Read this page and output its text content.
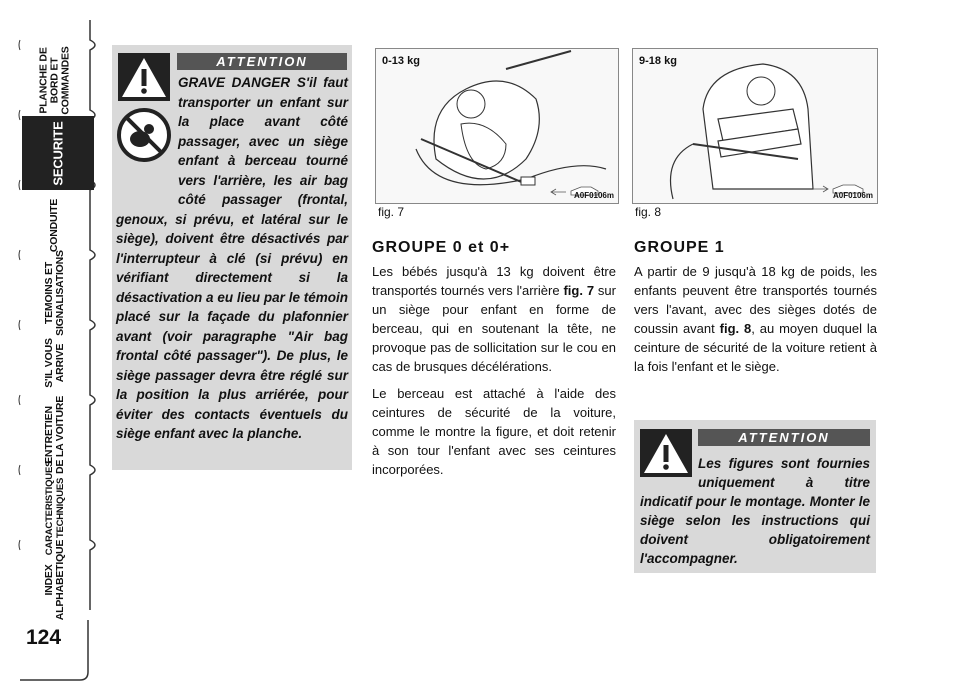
PLANCHE DE
BORD ET
COMMANDES
SECURITE
CONDUITE
TEMOINS ET
SIGNALISATIONS
S'IL VOUS
ARRIVE
ENTRETIEN
DE LA VOITURE
CARACTERISTIQUES
TECHNIQUES
INDEX
ALPHABETIQUE
124
ATTENTION
GRAVE DANGER S'il faut transporter un enfant sur la place avant côté passager, avec un siège enfant à berceau tourné vers l'arrière, les air bag côté passager (frontal, genoux, si prévu, et latéral sur le siège), doivent être désactivés par l'interrupteur à clé (si prévu) en vérifiant directement si la désactivation a eu lieu par le témoin placé sur la façade du plafonnier avant (voir paragraphe "Air bag frontal côté passager"). De plus, le siège passager devra être réglé sur la position la plus arriérée, pour éviter des contacts éventuels du siège enfant avec la planche.
0-13 kg
A0F0106m
fig. 7
9-18 kg
A0F0106m
fig. 8
GROUPE 0 et 0+
Les bébés jusqu'à 13 kg doivent être transportés tournés vers l'arrière fig. 7 sur un siège pour enfant en forme de berceau, qui en soutenant la tête, ne provoque pas de sollicitation sur le cou en cas de brusques décélérations.
Le berceau est attaché à l'aide des ceintures de sécurité de la voiture, comme le montre la figure, et doit retenir à son tour l'enfant avec ses ceintures incorporées.
GROUPE 1
A partir de 9 jusqu'à 18 kg de poids, les enfants peuvent être transportés tournés vers l'avant, avec des sièges dotés de coussin avant fig. 8, au moyen duquel la ceinture de sécurité de la voiture retient à la fois l'enfant et le siège.
ATTENTION
Les figures sont fournies uniquement à titre indicatif pour le montage. Monter le siège selon les instructions qui doivent obligatoirement l'accompagner.
